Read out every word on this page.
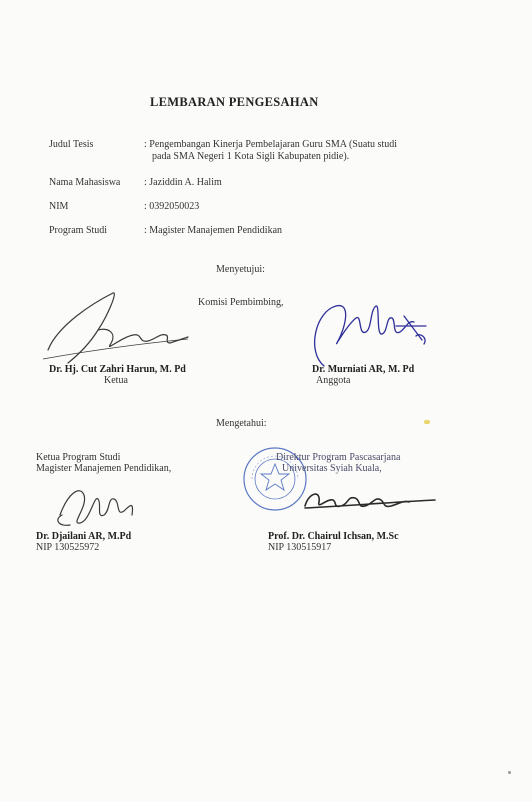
LEMBARAN PENGESAHAN
Judul Tesis	: Pengembangan Kinerja Pembelajaran Guru SMA (Suatu studi
pada SMA Negeri 1 Kota Sigli Kabupaten pidie).
Nama Mahasiswa	: Jaziddin A. Halim
NIM	: 0392050023
Program Studi	: Magister Manajemen Pendidikan
Menyetujui:
Komisi Pembimbing,
Dr. Hj. Cut Zahri Harun, M. Pd
Ketua
Dr. Murniati AR, M. Pd
Anggota
Mengetahui:
Ketua Program Studi
Magister Manajemen Pendidikan,
Dr. Djailani AR, M.Pd
NIP 130525972
Direktur Program Pascasarjana
Universitas Syiah Kuala,
Prof. Dr. Chairul Ichsan, M.Sc
NIP 130515917
